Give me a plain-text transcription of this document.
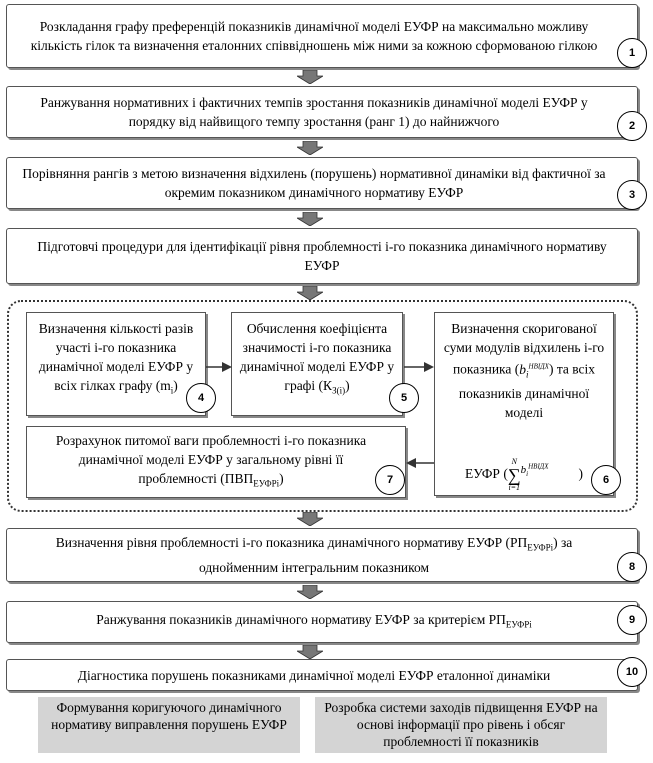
Розкладання графу преференцій показників динамічної моделі ЕУФР на максимально можливу кількість гілок та визначення еталонних співвідношень між ними за кожною сформованою гілкою	1
Ранжування нормативних і фактичних темпів зростання показників динамічної моделі ЕУФР у порядку від найвищого темпу зростання (ранг 1) до найнижчого	2
Порівняння рангів з метою визначення відхилень (порушень) нормативної динаміки від фактичної за окремим показником динамічного нормативу ЕУФР	3
Підготовчі процедури для ідентифікації рівня проблемності і-го показника динамічного нормативу ЕУФР
Визначення кількості разів участі і-го показника динамічної моделі ЕУФР у всіх гілках графу $(m_i)$
4
Обчислення коефіцієнта значимості і-го показника динамічної моделі ЕУФР у графі $(К_{З(і)})$
5
Визначення скоригованої суми модулів відхилень і-го показника $(b_i^{НВІДХ})$ та всіх показників динамічної моделі
ЕУФР (
N
∑
i=1
$^{b_i^{НВІДХ}}$)	6
Розрахунок питомої ваги проблемності і-го показника динамічної моделі ЕУФР у загальному рівні її проблемності $(ПВП_{ЕУФРі})$	7
Визначення рівня проблемності і-го показника динамічного нормативу ЕУФР $(РП_{ЕУФРі})$ за однойменним інтегральним показником	8
Ранжування показників динамічного нормативу ЕУФР за критерієм $РП_{ЕУФРі}$	9
Діагностика порушень показниками динамічної моделі ЕУФР еталонної динаміки	10
Формування коригуючого динамічного нормативу виправлення порушень ЕУФР
Розробка системи заходів підвищення ЕУФР на основі інформації про рівень і обсяг проблемності її показників
